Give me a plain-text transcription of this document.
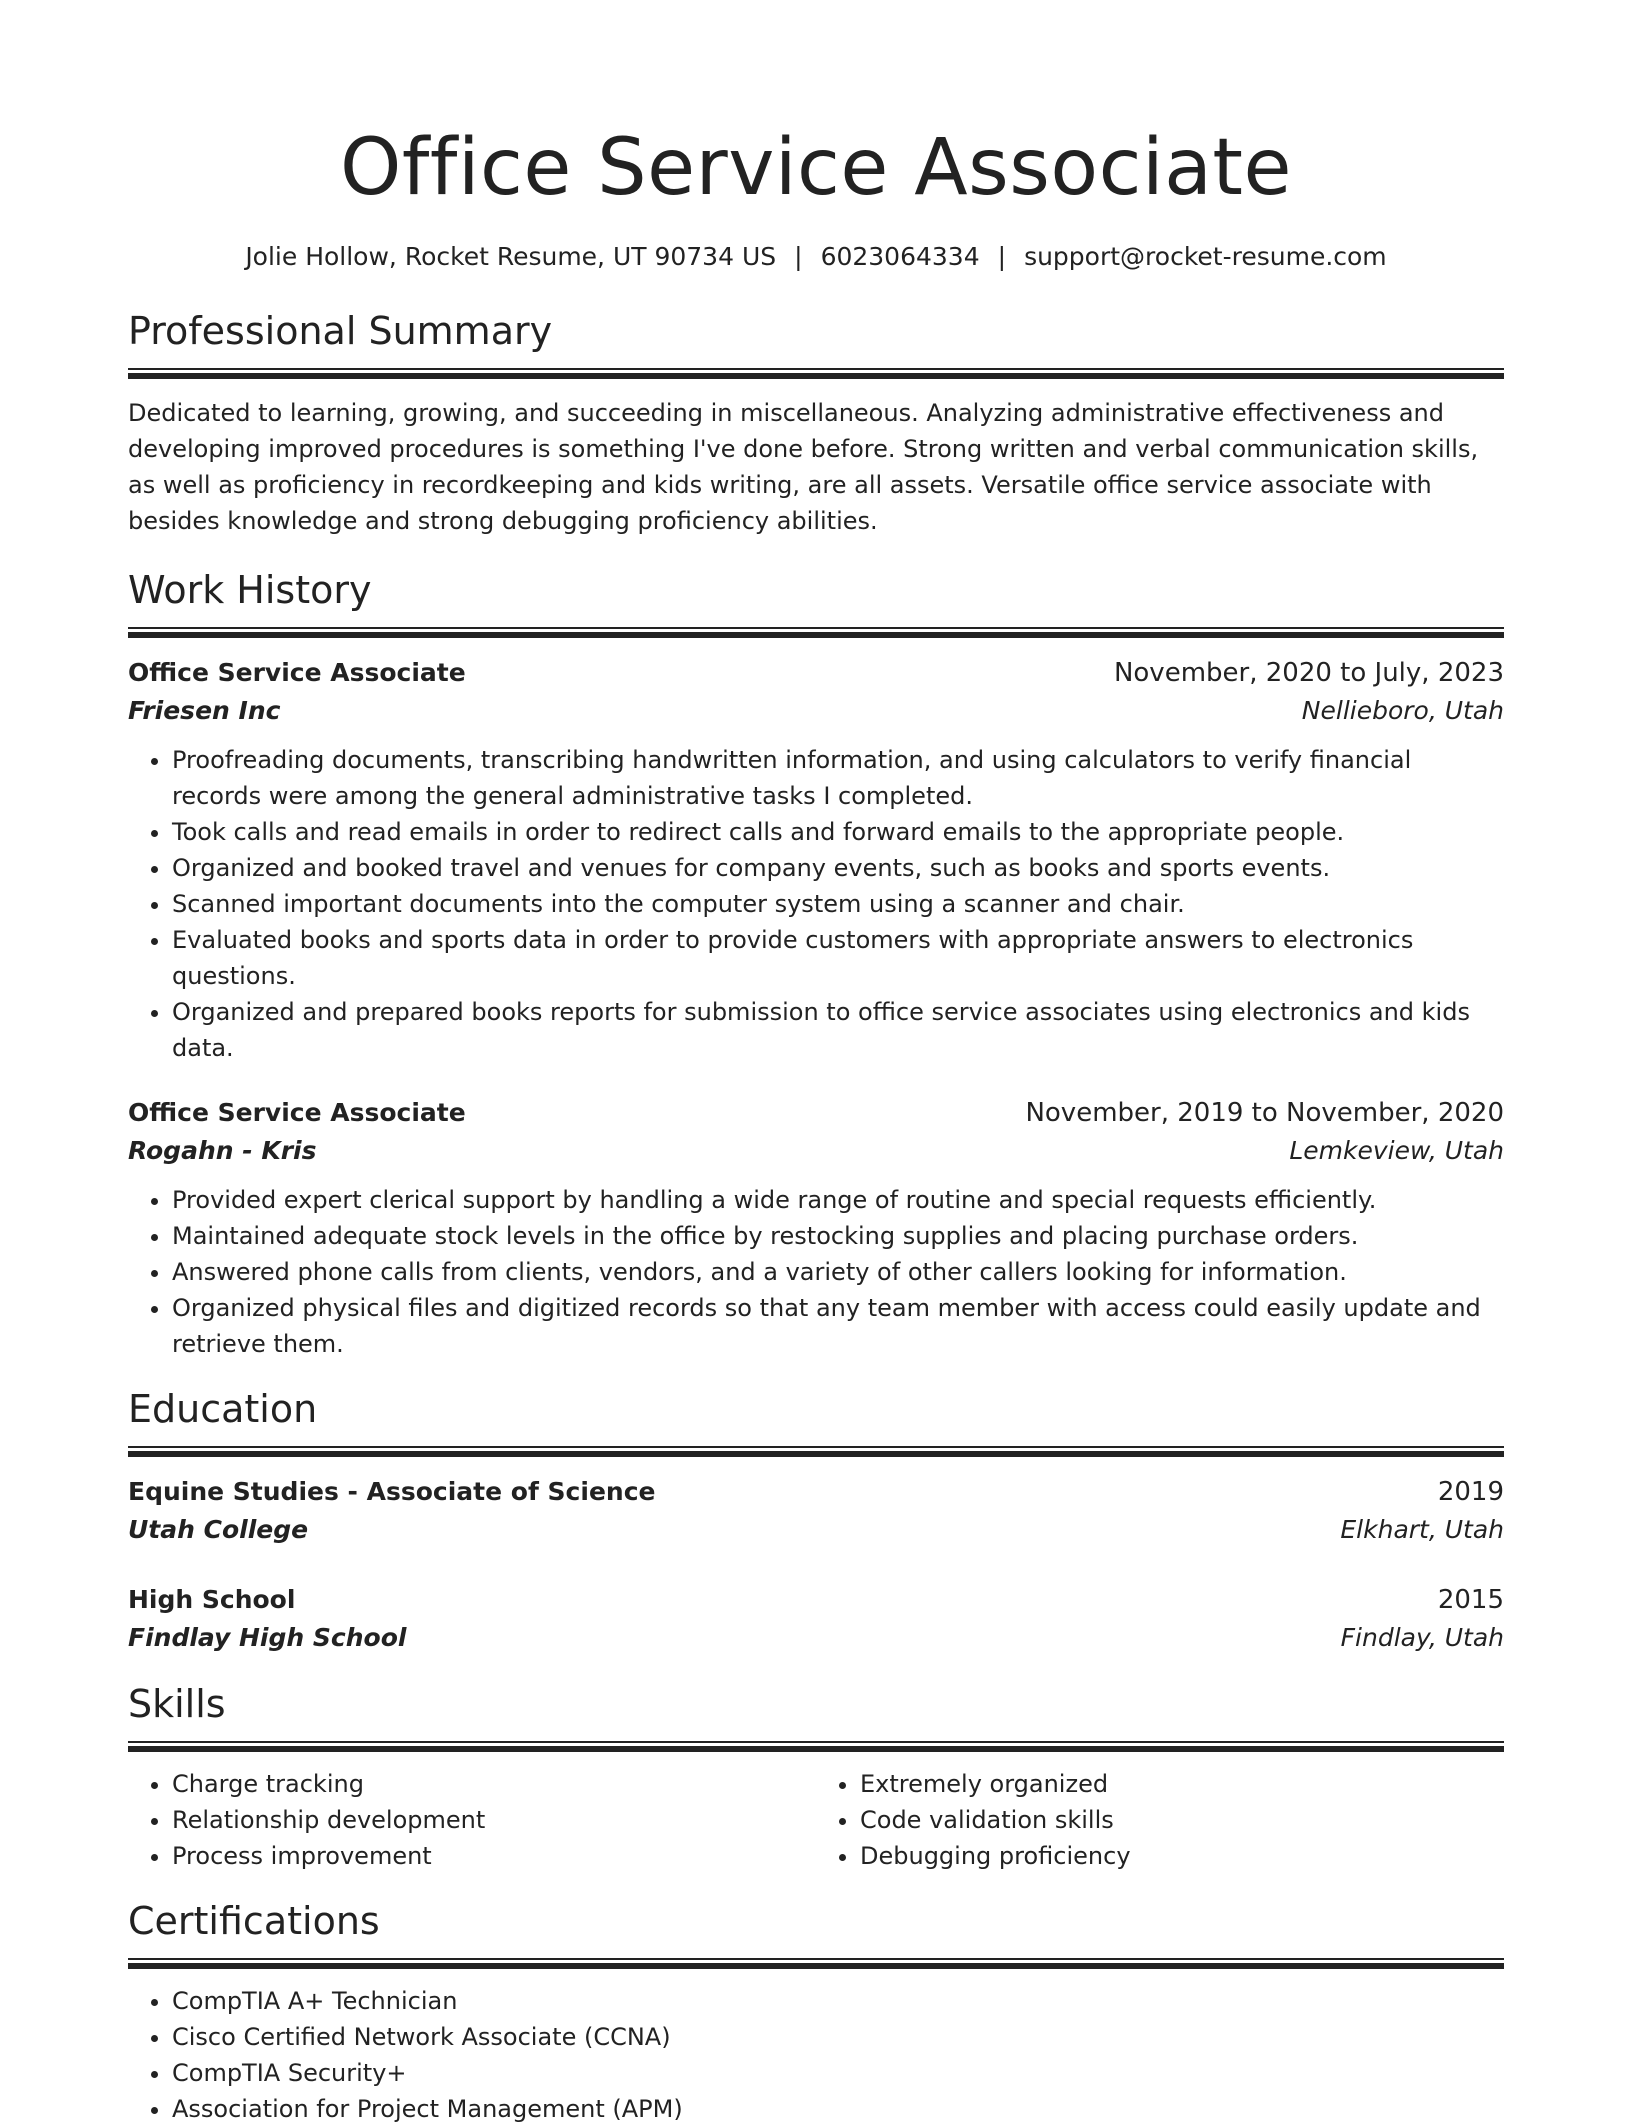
Office Service Associate
Jolie Hollow, Rocket Resume, UT 90734 US | 6023064334 | support@rocket-resume.com
Professional Summary
Dedicated to learning, growing, and succeeding in miscellaneous. Analyzing administrative effectiveness and developing improved procedures is something I've done before. Strong written and verbal communication skills, as well as proficiency in recordkeeping and kids writing, are all assets. Versatile office service associate with besides knowledge and strong debugging proficiency abilities.
Work History
Office Service Associate	November, 2020 to July, 2023
Friesen Inc	Nellieboro, Utah
• Proofreading documents, transcribing handwritten information, and using calculators to verify financial records were among the general administrative tasks I completed.
• Took calls and read emails in order to redirect calls and forward emails to the appropriate people.
• Organized and booked travel and venues for company events, such as books and sports events.
• Scanned important documents into the computer system using a scanner and chair.
• Evaluated books and sports data in order to provide customers with appropriate answers to electronics questions.
• Organized and prepared books reports for submission to office service associates using electronics and kids data.
Office Service Associate	November, 2019 to November, 2020
Rogahn - Kris	Lemkeview, Utah
• Provided expert clerical support by handling a wide range of routine and special requests efficiently.
• Maintained adequate stock levels in the office by restocking supplies and placing purchase orders.
• Answered phone calls from clients, vendors, and a variety of other callers looking for information.
• Organized physical files and digitized records so that any team member with access could easily update and retrieve them.
Education
Equine Studies - Associate of Science	2019
Utah College	Elkhart, Utah
High School	2015
Findlay High School	Findlay, Utah
Skills
• Charge tracking
• Relationship development
• Process improvement
• Extremely organized
• Code validation skills
• Debugging proficiency
Certifications
• CompTIA A+ Technician
• Cisco Certified Network Associate (CCNA)
• CompTIA Security+
• Association for Project Management (APM)
